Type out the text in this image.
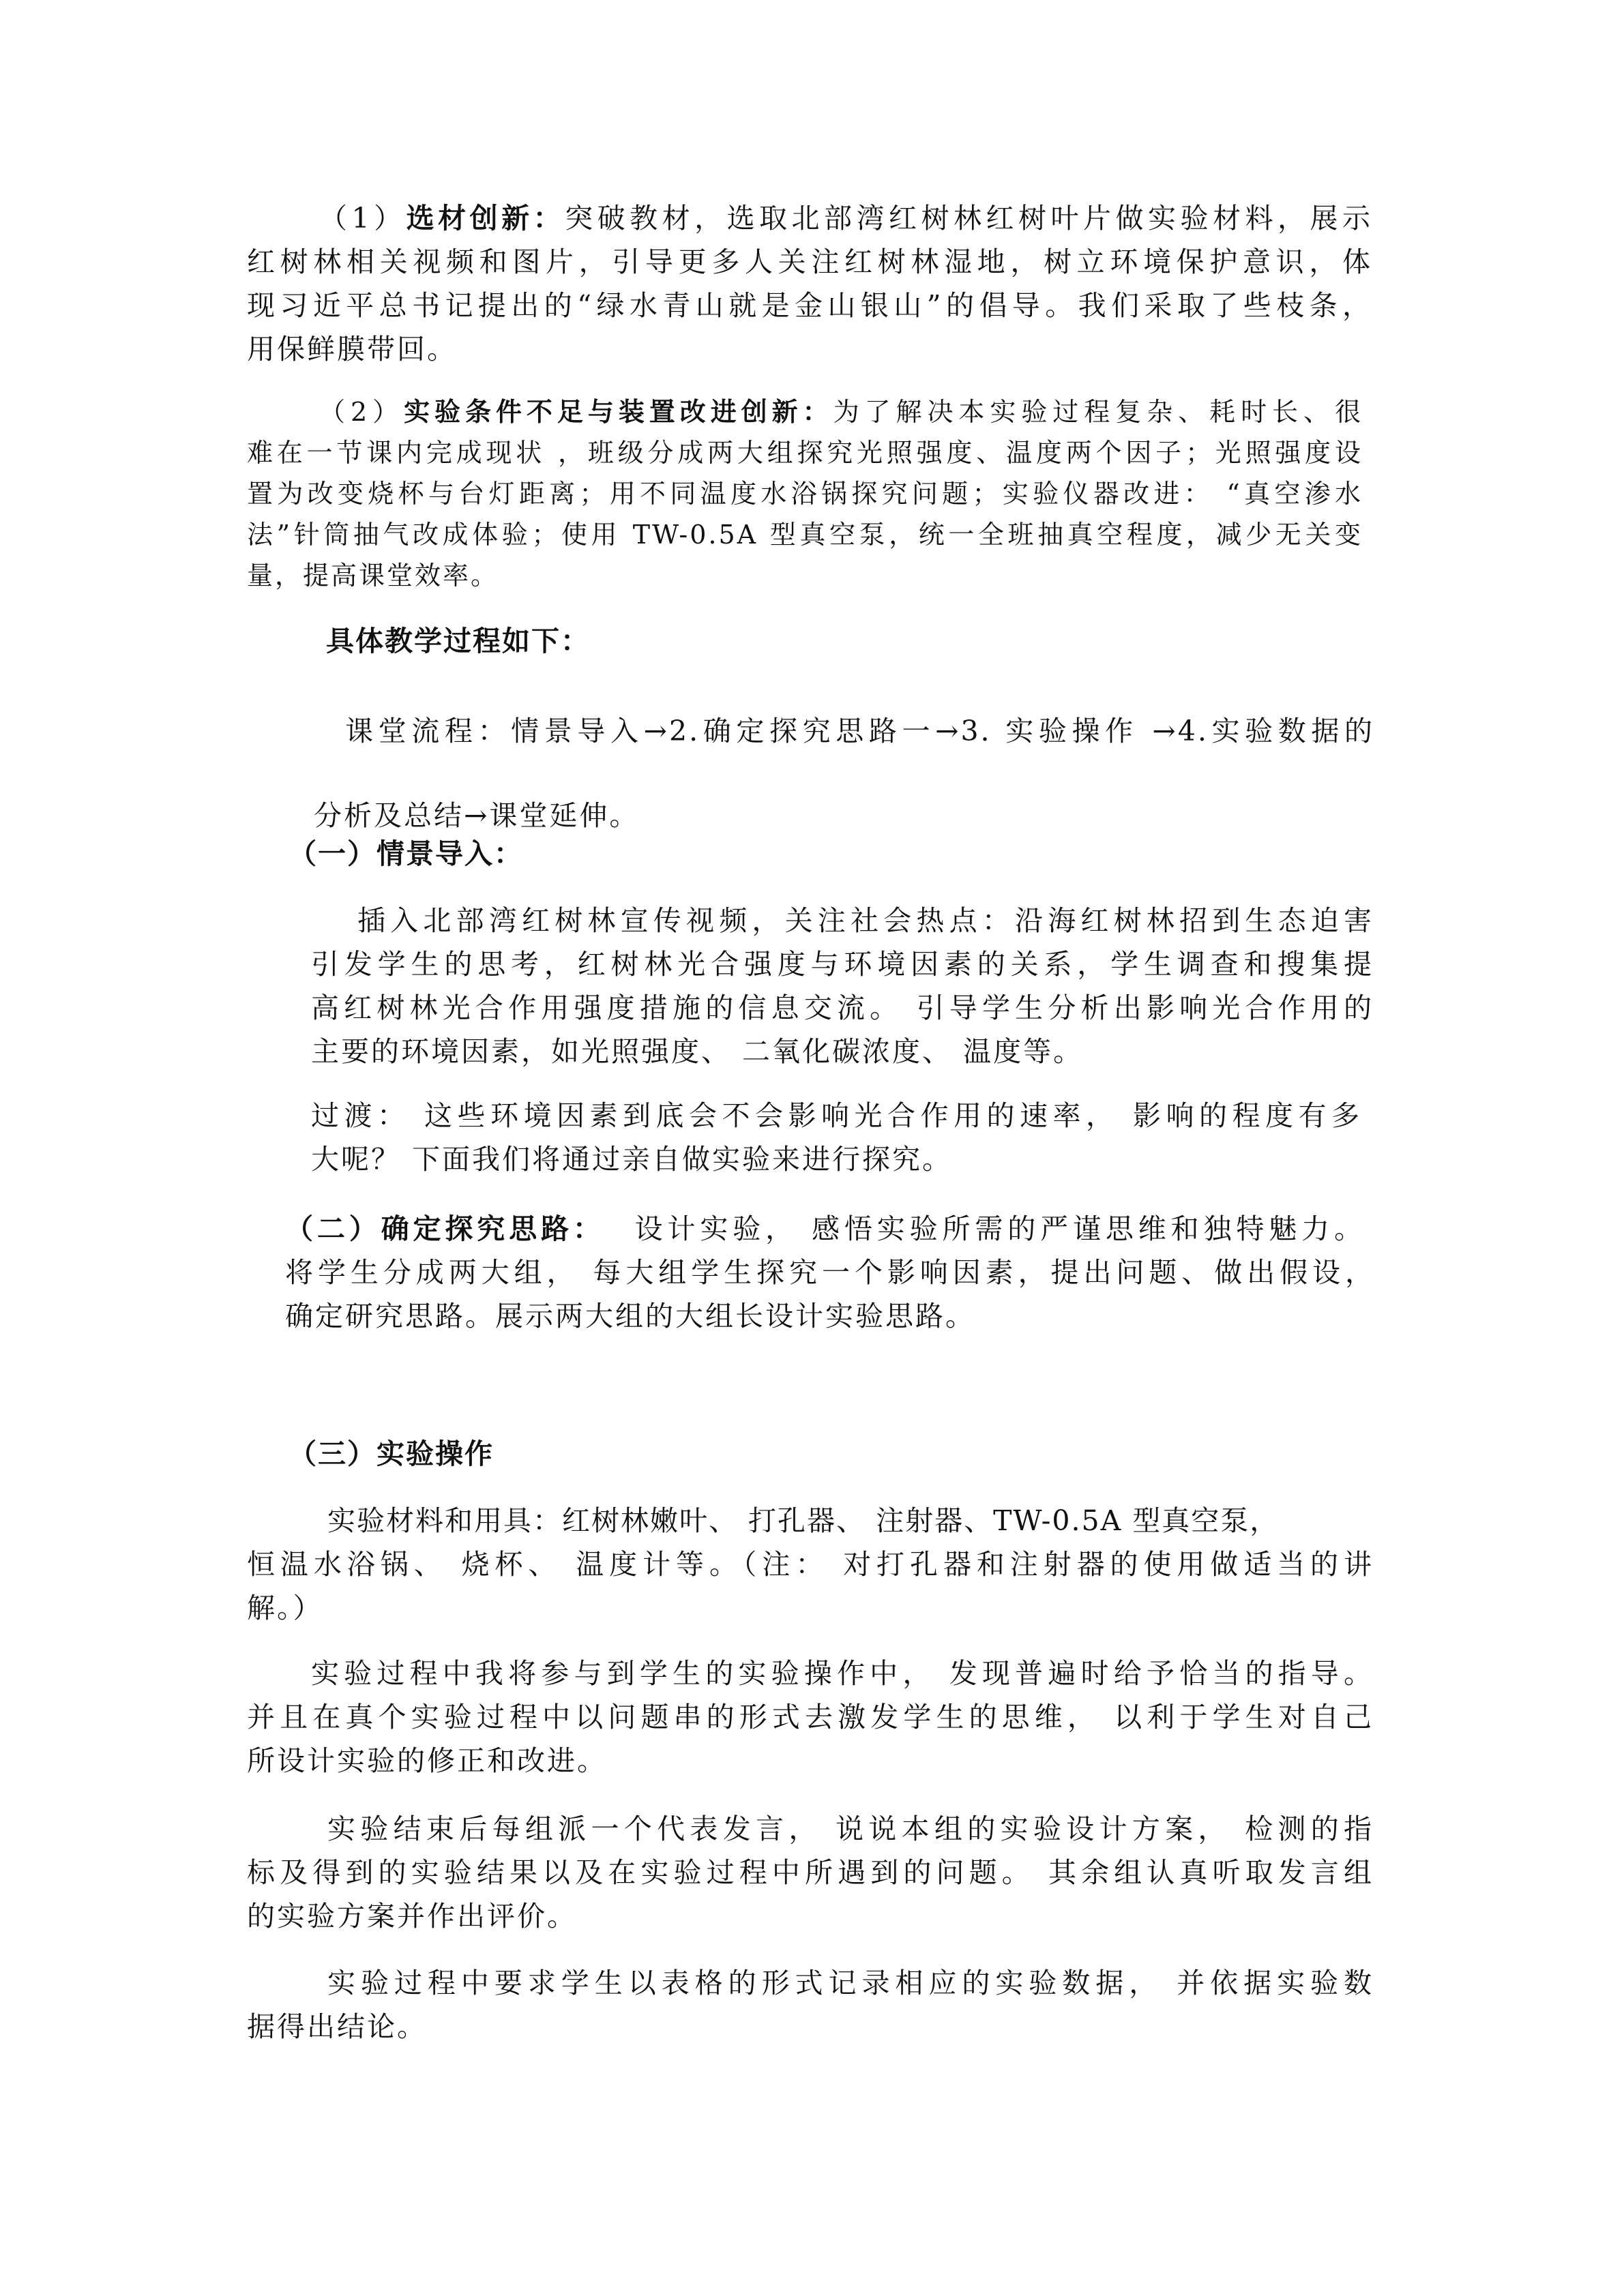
（1）选材创新：突破教材，选取北部湾红树林红树叶片做实验材料，展示
红树林相关视频和图片，引导更多人关注红树林湿地，树立环境保护意识，体
现习近平总书记提出的“绿水青山就是金山银山”的倡导。我们采取了些枝条，
用保鲜膜带回。
（2）实验条件不足与装置改进创新：为了解决本实验过程复杂、耗时长、很
难在一节课内完成现状 ，班级分成两大组探究光照强度、温度两个因子；光照强度设
置为改变烧杯与台灯距离；用不同温度水浴锅探究问题；实验仪器改进： “真空渗水
法”针筒抽气改成体验；使用 TW-0.5A 型真空泵，统一全班抽真空程度，减少无关变
量，提高课堂效率。
具体教学过程如下：
课堂流程：情景导入→2.确定探究思路一→3. 实验操作 →4.实验数据的
分析及总结→课堂延伸。
（一）情景导入：
插入北部湾红树林宣传视频，关注社会热点：沿海红树林招到生态迫害
引发学生的思考，红树林光合强度与环境因素的关系，学生调查和搜集提
高红树林光合作用强度措施的信息交流。 引导学生分析出影响光合作用的
主要的环境因素，如光照强度、 二氧化碳浓度、 温度等。
过渡： 这些环境因素到底会不会影响光合作用的速率， 影响的程度有多
大呢？ 下面我们将通过亲自做实验来进行探究。
（二）确定探究思路： 设计实验， 感悟实验所需的严谨思维和独特魅力。
将学生分成两大组， 每大组学生探究一个影响因素，提出问题、做出假设，
确定研究思路。展示两大组的大组长设计实验思路。
（三）实验操作
实验材料和用具：红树林嫩叶、 打孔器、 注射器、TW-0.5A 型真空泵，
恒温水浴锅、 烧杯、 温度计等。（注： 对打孔器和注射器的使用做适当的讲
解。）
实验过程中我将参与到学生的实验操作中， 发现普遍时给予恰当的指导。
并且在真个实验过程中以问题串的形式去激发学生的思维， 以利于学生对自己
所设计实验的修正和改进。
实验结束后每组派一个代表发言， 说说本组的实验设计方案， 检测的指
标及得到的实验结果以及在实验过程中所遇到的问题。 其余组认真听取发言组
的实验方案并作出评价。
实验过程中要求学生以表格的形式记录相应的实验数据， 并依据实验数
据得出结论。
